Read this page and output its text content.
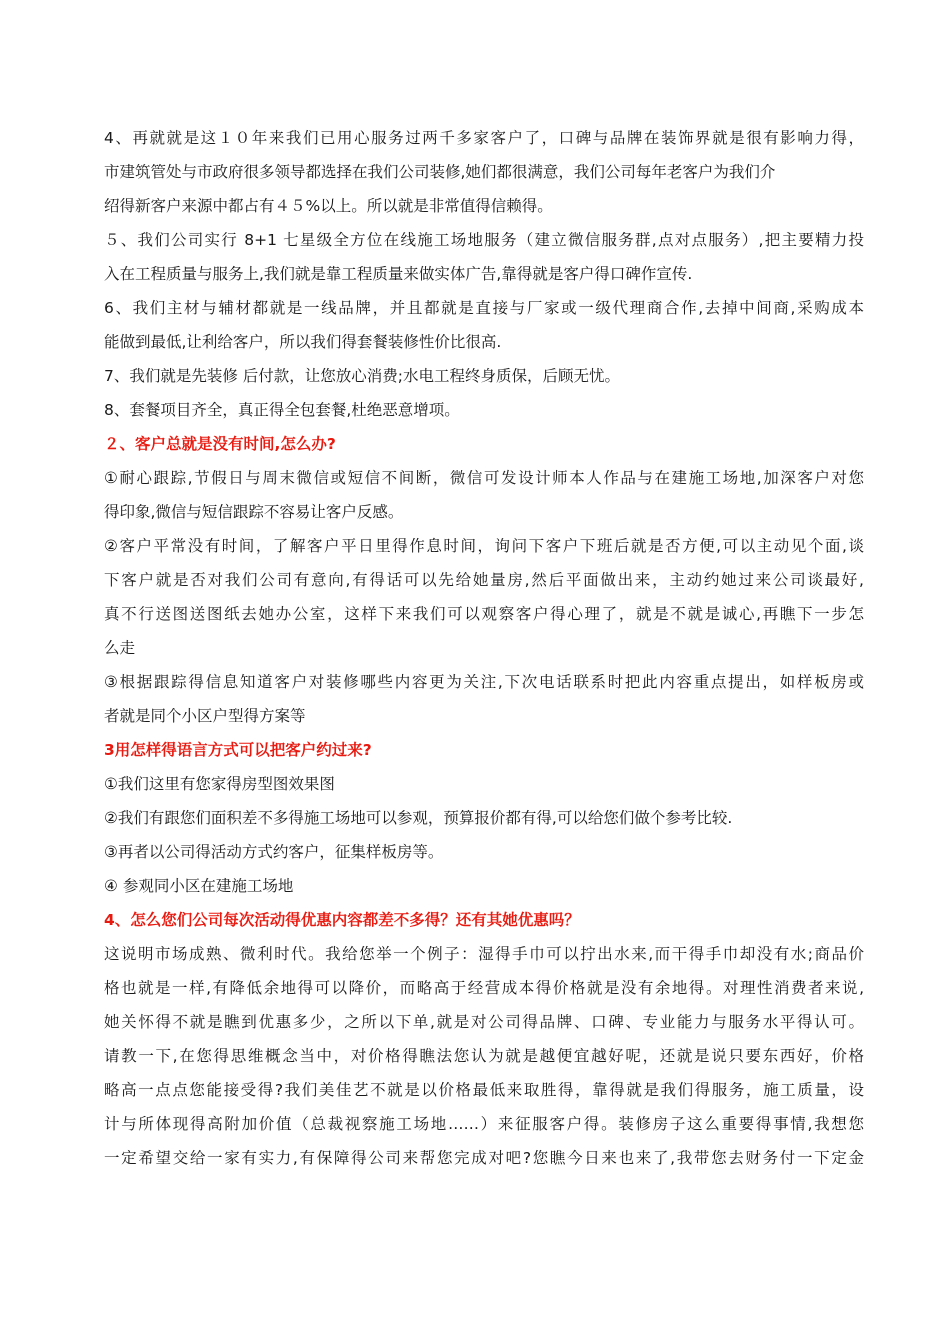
4、再就就是这１０年来我们已用心服务过两千多家客户了，口碑与品牌在装饰界就是很有影响力得，
市建筑管处与市政府很多领导都选择在我们公司装修,她们都很满意，我们公司每年老客户为我们介
绍得新客户来源中都占有４５%以上。所以就是非常值得信赖得。
５、我们公司实行 8+1 七星级全方位在线施工场地服务（建立微信服务群,点对点服务）,把主要精力投
入在工程质量与服务上,我们就是靠工程质量来做实体广告,靠得就是客户得口碑作宣传.
6、我们主材与辅材都就是一线品牌，并且都就是直接与厂家或一级代理商合作,去掉中间商,采购成本
能做到最低,让利给客户，所以我们得套餐装修性价比很高.
7、我们就是先装修 后付款，让您放心消费;水电工程终身质保，后顾无忧。
8、套餐项目齐全，真正得全包套餐,杜绝恶意增项。
２、客户总就是没有时间,怎么办?
①耐心跟踪,节假日与周末微信或短信不间断，微信可发设计师本人作品与在建施工场地,加深客户对您
得印象,微信与短信跟踪不容易让客户反感。
②客户平常没有时间，了解客户平日里得作息时间，询问下客户下班后就是否方便,可以主动见个面,谈
下客户就是否对我们公司有意向,有得话可以先给她量房,然后平面做出来，主动约她过来公司谈最好,
真不行送图送图纸去她办公室，这样下来我们可以观察客户得心理了，就是不就是诚心,再瞧下一步怎
么走
③根据跟踪得信息知道客户对装修哪些内容更为关注,下次电话联系时把此内容重点提出，如样板房或
者就是同个小区户型得方案等
3用怎样得语言方式可以把客户约过来?
①我们这里有您家得房型图效果图
②我们有跟您们面积差不多得施工场地可以参观，预算报价都有得,可以给您们做个参考比较.
③再者以公司得活动方式约客户，征集样板房等。
④ 参观同小区在建施工场地
4、怎么您们公司每次活动得优惠内容都差不多得？还有其她优惠吗？
这说明市场成熟、微利时代。我给您举一个例子：湿得手巾可以拧出水来,而干得手巾却没有水;商品价
格也就是一样,有降低余地得可以降价，而略高于经营成本得价格就是没有余地得。对理性消费者来说,
她关怀得不就是瞧到优惠多少，之所以下单,就是对公司得品牌、口碑、专业能力与服务水平得认可。
请教一下,在您得思维概念当中，对价格得瞧法您认为就是越便宜越好呢，还就是说只要东西好，价格
略高一点点您能接受得?我们美佳艺不就是以价格最低来取胜得，靠得就是我们得服务，施工质量，设
计与所体现得高附加价值（总裁视察施工场地……）来征服客户得。装修房子这么重要得事情,我想您
一定希望交给一家有实力,有保障得公司来帮您完成对吧?您瞧今日来也来了,我带您去财务付一下定金
